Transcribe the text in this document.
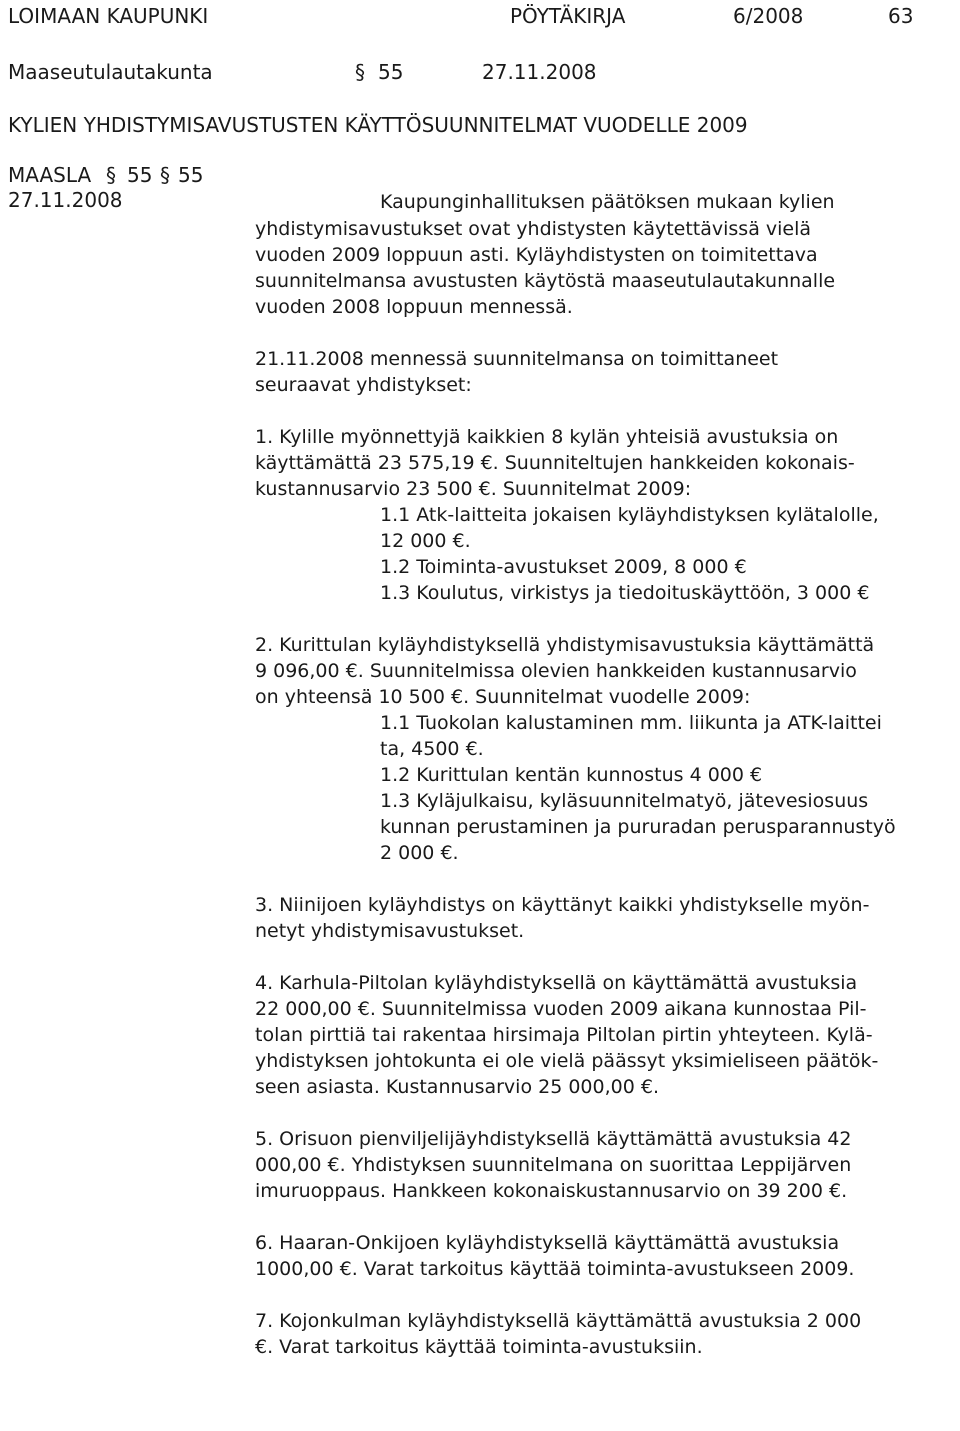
LOIMAAN KAUPUNKI	PÖYTÄKIRJA	6/2008	63
Maaseutulautakunta	§ 55	27.11.2008
KYLIEN YHDISTYMISAVUSTUSTEN KÄYTTÖSUUNNITELMAT VUODELLE 2009
MAASLA § 55 § 55
27.11.2008	Kaupunginhallituksen päätöksen mukaan kylien
yhdistymisavustukset ovat yhdistysten käytettävissä vielä
vuoden 2009 loppuun asti. Kyläyhdistysten on toimitettava
suunnitelmansa avustusten käytöstä maaseutulautakunnalle
vuoden 2008 loppuun mennessä.
21.11.2008 mennessä suunnitelmansa on toimittaneet
seuraavat yhdistykset:
1. Kylille myönnettyjä kaikkien 8 kylän yhteisiä avustuksia on
käyttämättä 23 575,19 €. Suunniteltujen hankkeiden kokonais-
kustannusarvio 23 500 €. Suunnitelmat 2009:
1.1 Atk-laitteita jokaisen kyläyhdistyksen kylätalolle,
12 000 €.
1.2 Toiminta-avustukset 2009, 8 000 €
1.3 Koulutus, virkistys ja tiedoituskäyttöön, 3 000 €
2. Kurittulan kyläyhdistyksellä yhdistymisavustuksia käyttämättä
9 096,00 €. Suunnitelmissa olevien hankkeiden kustannusarvio
on yhteensä 10 500 €. Suunnitelmat vuodelle 2009:
1.1 Tuokolan kalustaminen mm. liikunta ja ATK-laittei
ta, 4500 €.
1.2 Kurittulan kentän kunnostus 4 000 €
1.3 Kyläjulkaisu, kyläsuunnitelmatyö, jätevesiosuus
kunnan perustaminen ja pururadan perusparannustyö
2 000 €.
3. Niinijoen kyläyhdistys on käyttänyt kaikki yhdistykselle myön-
netyt yhdistymisavustukset.
4. Karhula-Piltolan kyläyhdistyksellä on käyttämättä avustuksia
22 000,00 €. Suunnitelmissa vuoden 2009 aikana kunnostaa Pil-
tolan pirttiä tai rakentaa hirsimaja Piltolan pirtin yhteyteen. Kylä-
yhdistyksen johtokunta ei ole vielä päässyt yksimieliseen päätök-
seen asiasta. Kustannusarvio 25 000,00 €.
5. Orisuon pienviljelijäyhdistyksellä käyttämättä avustuksia 42
000,00 €. Yhdistyksen suunnitelmana on suorittaa Leppijärven
imuruoppaus. Hankkeen kokonaiskustannusarvio on 39 200 €.
6. Haaran-Onkijoen kyläyhdistyksellä käyttämättä avustuksia
1000,00 €. Varat tarkoitus käyttää toiminta-avustukseen 2009.
7. Kojonkulman kyläyhdistyksellä käyttämättä avustuksia 2 000
€. Varat tarkoitus käyttää toiminta-avustuksiin.
